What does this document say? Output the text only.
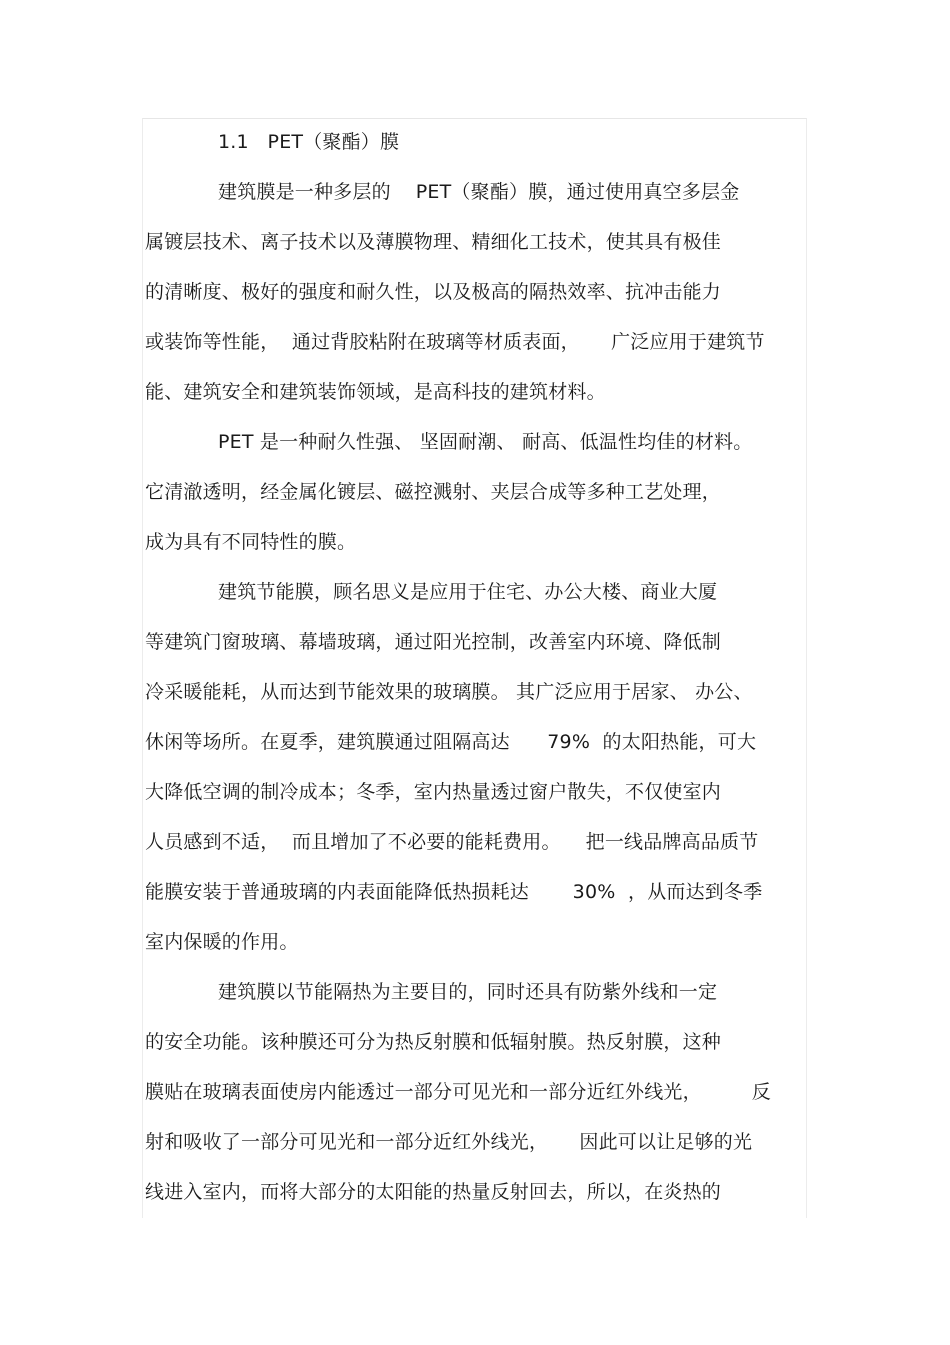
1.1   PET（聚酯）膜
建筑膜是一种多层的    PET（聚酯）膜，通过使用真空多层金
属镀层技术、离子技术以及薄膜物理、精细化工技术，使其具有极佳
的清晰度、极好的强度和耐久性，以及极高的隔热效率、抗冲击能力
或装饰等性能，  通过背胶粘附在玻璃等材质表面，     广泛应用于建筑节
能、建筑安全和建筑装饰领域，是高科技的建筑材料。
PET 是一种耐久性强、 坚固耐潮、 耐高、低温性均佳的材料。
它清澈透明，经金属化镀层、磁控溅射、夹层合成等多种工艺处理，
成为具有不同特性的膜。
建筑节能膜，顾名思义是应用于住宅、办公大楼、商业大厦
等建筑门窗玻璃、幕墙玻璃，通过阳光控制，改善室内环境、降低制
冷采暖能耗，从而达到节能效果的玻璃膜。 其广泛应用于居家、 办公、
休闲等场所。在夏季，建筑膜通过阻隔高达      79%  的太阳热能，可大
大降低空调的制冷成本；冬季，室内热量透过窗户散失，不仅使室内
人员感到不适，  而且增加了不必要的能耗费用。    把一线品牌高品质节
能膜安装于普通玻璃的内表面能降低热损耗达       30%  ，从而达到冬季
室内保暖的作用。
建筑膜以节能隔热为主要目的，同时还具有防紫外线和一定
的安全功能。该种膜还可分为热反射膜和低辐射膜。热反射膜，这种
膜贴在玻璃表面使房内能透过一部分可见光和一部分近红外线光，        反
射和吸收了一部分可见光和一部分近红外线光，     因此可以让足够的光
线进入室内，而将大部分的太阳能的热量反射回去，所以，在炎热的
